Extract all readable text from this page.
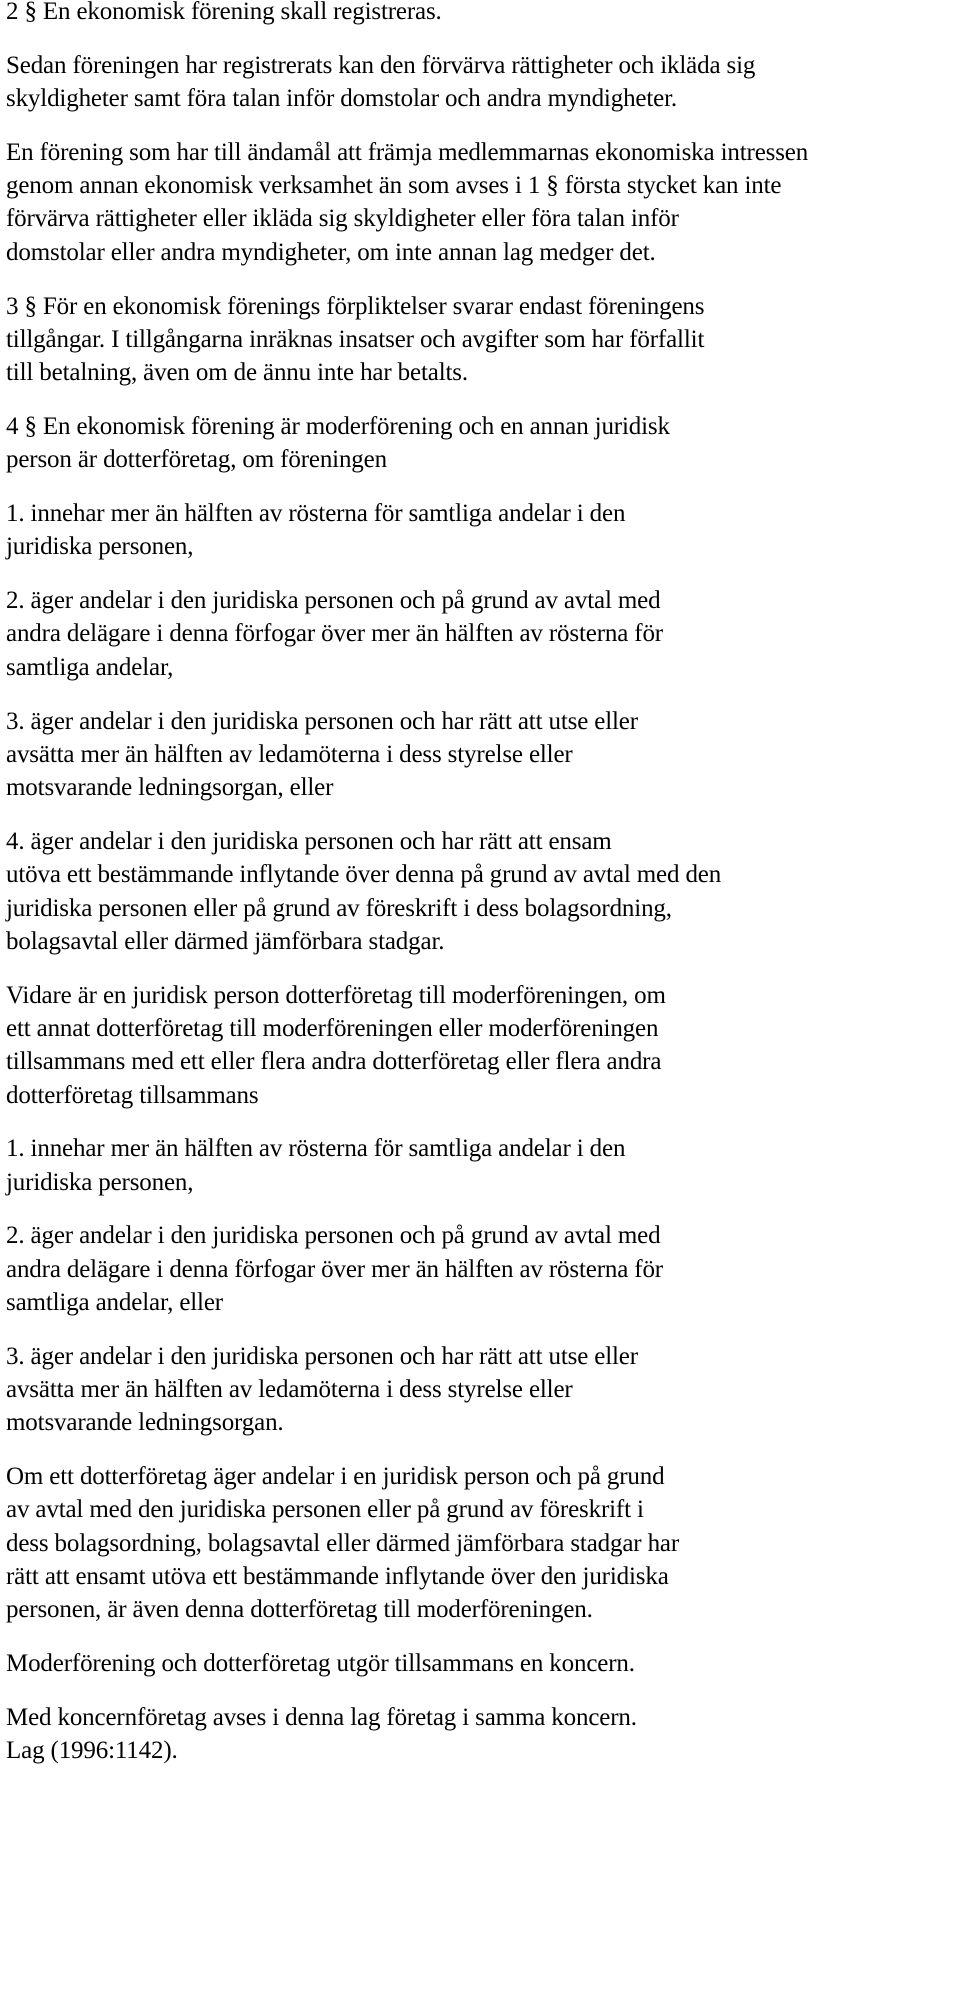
2 § En ekonomisk förening skall registreras.

Sedan föreningen har registrerats kan den förvärva rättigheter och ikläda sig
skyldigheter samt föra talan inför domstolar och andra myndigheter.

En förening som har till ändamål att främja medlemmarnas ekonomiska intressen
genom annan ekonomisk verksamhet än som avses i 1 § första stycket kan inte
förvärva rättigheter eller ikläda sig skyldigheter eller föra talan inför
domstolar eller andra myndigheter, om inte annan lag medger det.

3 § För en ekonomisk förenings förpliktelser svarar endast föreningens
tillgångar. I tillgångarna inräknas insatser och avgifter som har förfallit
till betalning, även om de ännu inte har betalts.

4 § En ekonomisk förening är moderförening och en annan juridisk
person är dotterföretag, om föreningen

1. innehar mer än hälften av rösterna för samtliga andelar i den
juridiska personen,

2. äger andelar i den juridiska personen och på grund av avtal med
andra delägare i denna förfogar över mer än hälften av rösterna för
samtliga andelar,

3. äger andelar i den juridiska personen och har rätt att utse eller
avsätta mer än hälften av ledamöterna i dess styrelse eller
motsvarande ledningsorgan, eller

4. äger andelar i den juridiska personen och har rätt att ensam
utöva ett bestämmande inflytande över denna på grund av avtal med den
juridiska personen eller på grund av föreskrift i dess bolagsordning,
bolagsavtal eller därmed jämförbara stadgar.

Vidare är en juridisk person dotterföretag till moderföreningen, om
ett annat dotterföretag till moderföreningen eller moderföreningen
tillsammans med ett eller flera andra dotterföretag eller flera andra
dotterföretag tillsammans

1. innehar mer än hälften av rösterna för samtliga andelar i den
juridiska personen,

2. äger andelar i den juridiska personen och på grund av avtal med
andra delägare i denna förfogar över mer än hälften av rösterna för
samtliga andelar, eller

3. äger andelar i den juridiska personen och har rätt att utse eller
avsätta mer än hälften av ledamöterna i dess styrelse eller
motsvarande ledningsorgan.

Om ett dotterföretag äger andelar i en juridisk person och på grund
av avtal med den juridiska personen eller på grund av föreskrift i
dess bolagsordning, bolagsavtal eller därmed jämförbara stadgar har
rätt att ensamt utöva ett bestämmande inflytande över den juridiska
personen, är även denna dotterföretag till moderföreningen.

Moderförening och dotterföretag utgör tillsammans en koncern.

Med koncernföretag avses i denna lag företag i samma koncern.
Lag (1996:1142).
